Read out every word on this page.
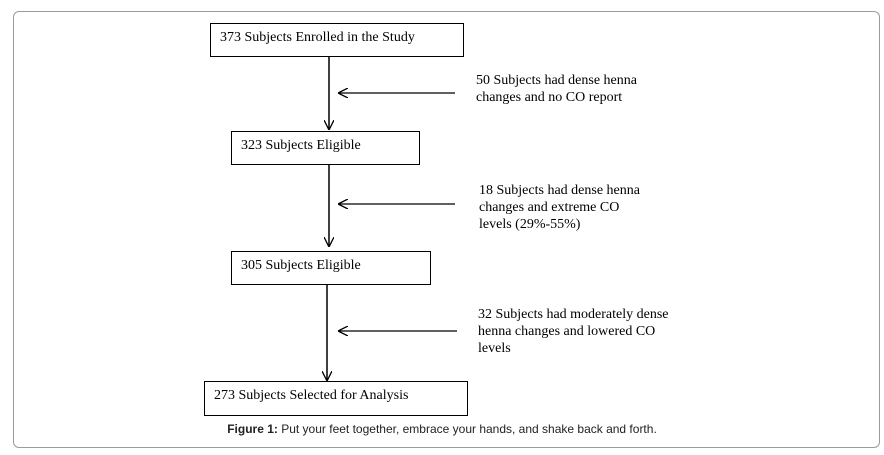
373 Subjects Enrolled in the Study
323 Subjects Eligible
305 Subjects Eligible
273 Subjects Selected for Analysis
50 Subjects had dense henna
changes and no CO report
18 Subjects had dense henna
changes and extreme CO
levels (29%-55%)
32 Subjects had moderately dense
henna changes and lowered CO
levels
Figure 1: Put your feet together, embrace your hands, and shake back and forth.
